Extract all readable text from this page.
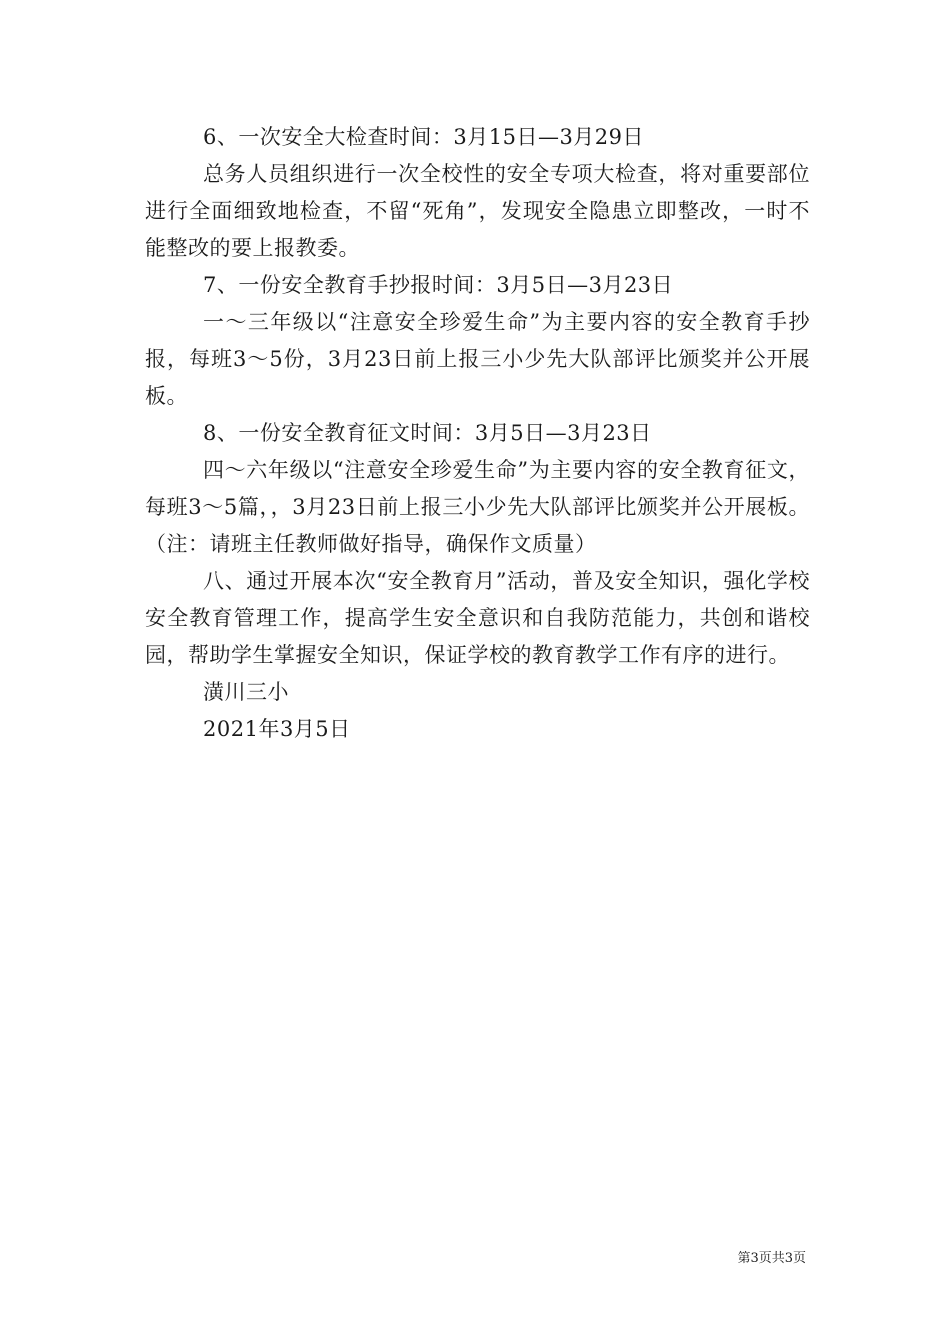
6、一次安全大检查时间：3月15日—3月29日

总务人员组织进行一次全校性的安全专项大检查，将对重要部位进行全面细致地检查，不留“死角”，发现安全隐患立即整改，一时不能整改的要上报教委。

7、一份安全教育手抄报时间：3月5日—3月23日

一～三年级以“注意安全珍爱生命”为主要内容的安全教育手抄报，每班3～5份，3月23日前上报三小少先大队部评比颁奖并公开展板。

8、一份安全教育征文时间：3月5日—3月23日

四～六年级以“注意安全珍爱生命”为主要内容的安全教育征文，每班3～5篇，，3月23日前上报三小少先大队部评比颁奖并公开展板。（注：请班主任教师做好指导，确保作文质量）

八、通过开展本次“安全教育月”活动，普及安全知识，强化学校安全教育管理工作，提高学生安全意识和自我防范能力，共创和谐校园，帮助学生掌握安全知识，保证学校的教育教学工作有序的进行。

潢川三小

2021年3月5日

第3页共3页
